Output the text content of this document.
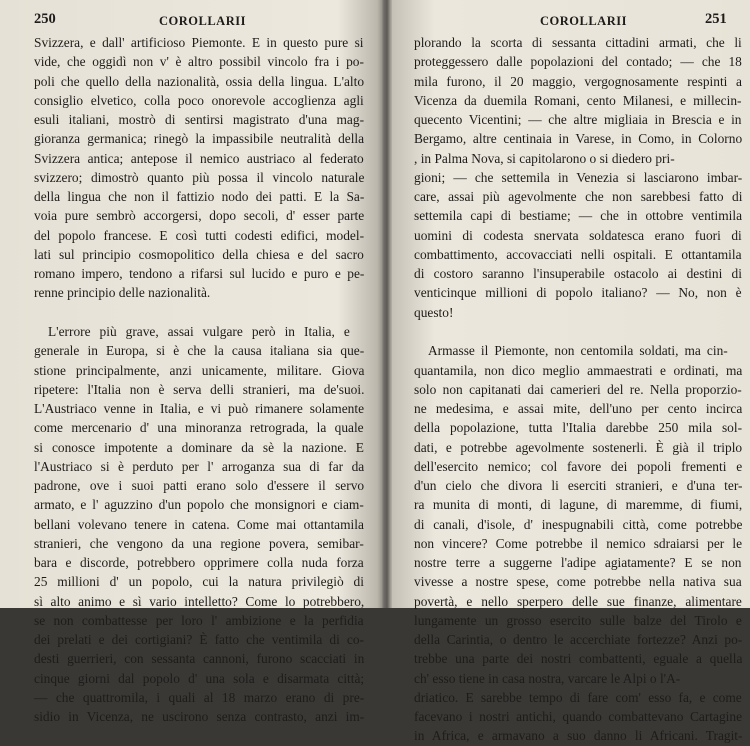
250	COROLLARII
Svizzera, e dall' artificioso Piemonte. E in questo pure si
vide, che oggidì non v' è altro possibil vincolo fra i po-
poli che quello della nazionalità, ossia della lingua. L'alto
consiglio elvetico, colla poco onorevole accoglienza agli
esuli italiani, mostrò di sentirsi magistrato d'una mag-
gioranza germanica; rinegò la impassibile neutralità della
Svizzera antica; antepose il nemico austriaco al federato
svizzero; dimostrò quanto più possa il vincolo naturale
della lingua che non il fattizio nodo dei patti. E la Sa-
voia pure sembrò accorgersi, dopo secoli, d' esser parte
del popolo francese. E così tutti codesti edifici, model-
lati sul principio cosmopolitico della chiesa e del sacro
romano impero, tendono a rifarsi sul lucido e puro e pe-
renne principio delle nazionalità.
L'errore più grave, assai vulgare però in Italia, e
generale in Europa, si è che la causa italiana sia que-
stione principalmente, anzi unicamente, militare. Giova
ripetere: l'Italia non è serva delli stranieri, ma de'suoi.
L'Austriaco venne in Italia, e vi può rimanere solamente
come mercenario d' una minoranza retrograda, la quale
si conosce impotente a dominare da sè la nazione. E
l'Austriaco si è perduto per l' arroganza sua di far da
padrone, ove i suoi patti erano solo d'essere il servo
armato, e l' aguzzino d'un popolo che monsignori e ciam-
bellani volevano tenere in catena. Come mai ottantamila
stranieri, che vengono da una regione povera, semibar-
bara e discorde, potrebbero opprimere colla nuda forza
25 millioni d' un popolo, cui la natura privilegiò di
sì alto animo e sì vario intelletto? Come lo potrebbero,
se non combattesse per loro l' ambizione e la perfidia
dei prelati e dei cortigiani? È fatto che ventimila di co-
desti guerrieri, con sessanta cannoni, furono scacciati in
cinque giorni dal popolo d' una sola e disarmata città;
— che quattromila, i quali al 18 marzo erano di pre-
sidio in Vicenza, ne uscirono senza contrasto, anzi im-
COROLLARII	251
plorando la scorta di sessanta cittadini armati, che li
proteggessero dalle popolazioni del contado; — che 18
mila furono, il 20 maggio, vergognosamente respinti a
Vicenza da duemila Romani, cento Milanesi, e millecin-
quecento Vicentini; — che altre migliaia in Brescia e in
Bergamo, altre centinaia in Varese, in Como, in Colorno
, in Palma Nova, si capitolarono o si diedero pri-
gioni; — che settemila in Venezia si lasciarono imbar-
care, assai più agevolmente che non sarebbesi fatto di
settemila capi di bestiame; — che in ottobre ventimila
uomini di codesta snervata soldatesca erano fuori di
combattimento, accovacciati nelli ospitali. E ottantamila
di costoro saranno l'insuperabile ostacolo ai destini di
venticinque millioni di popolo italiano? — No, non è
questo!
Armasse il Piemonte, non centomila soldati, ma cin-
quantamila, non dico meglio ammaestrati e ordinati, ma
solo non capitanati dai camerieri del re. Nella proporzio-
ne medesima, e assai mite, dell'uno per cento incirca
della popolazione, tutta l'Italia darebbe 250 mila sol-
dati, e potrebbe agevolmente sostenerli. È già il triplo
dell'esercito nemico; col favore dei popoli frementi e
d'un cielo che divora li eserciti stranieri, e d'una ter-
ra munita di monti, di lagune, di maremme, di fiumi,
di canali, d'isole, d' inespugnabili città, come potrebbe
non vincere? Come potrebbe il nemico sdraiarsi per le
nostre terre a suggerne l'adipe agiatamente? E se non
vivesse a nostre spese, come potrebbe nella nativa sua
povertà, e nello sperpero delle sue finanze, alimentare
lungamente un grosso esercito sulle balze del Tirolo e
della Carintia, o dentro le accerchiate fortezze? Anzi po-
trebbe una parte dei nostri combattenti, eguale a quella
ch' esso tiene in casa nostra, varcare le Alpi o l'A-
driatico. E sarebbe tempo di fare com' esso fa, e come
facevano i nostri antichi, quando combattevano Cartagine
in Africa, e armavano a suo danno li Africani. Tragit-
